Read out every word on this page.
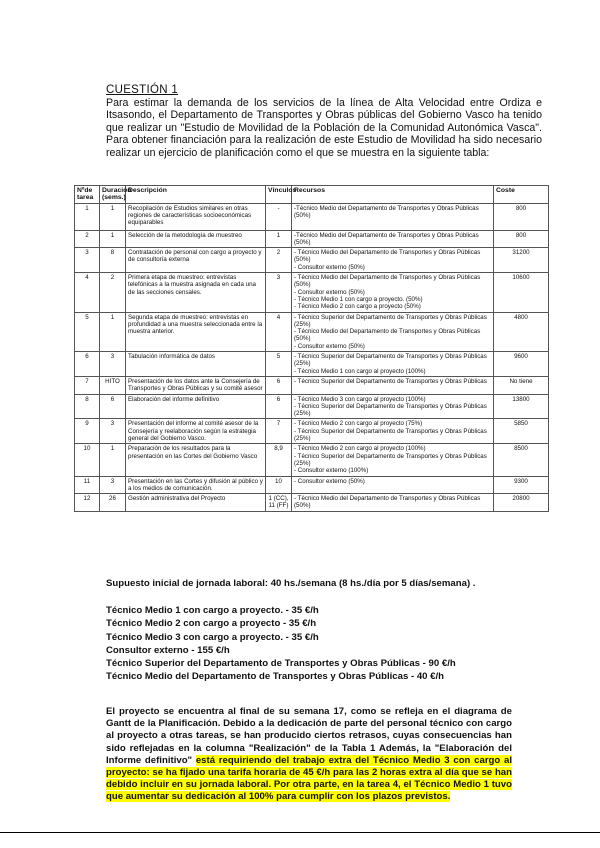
CUESTIÓN 1
Para estimar la demanda de los servicios de la línea de Alta Velocidad entre Ordiza e Itsasondo, el Departamento de Transportes y Obras públicas del Gobierno Vasco ha tenido que realizar un "Estudio de Movilidad de la Población de la Comunidad Autonómica Vasca". Para obtener financiación para la realización de este Estudio de Movilidad ha sido necesario realizar un ejercicio de planificación como el que se muestra en la siguiente tabla:
Nºde tarea	Duración (sems.)	Descripción	Vínculos	Recursos	Coste
1	1	Recopilación de Estudios similares en otras regiones de características socioeconómicas equiparables	-	-Técnico Medio del Departamento de Transportes y Obras Públicas (50%)	800
2	1	Selección de la metodología de muestreo	1	-Técnico Medio del Departamento de Transportes y Obras Públicas (50%)	800
3	8	Contratación de personal con cargo a proyecto y de consultoría externa	2	- Técnico Medio del Departamento de Transportes y Obras Públicas (50%)
- Consultor externo (50%)	31200
4	2	Primera etapa de muestreo: entrevistas telefónicas a la muestra asignada en cada una de las secciones censales.	3	- Técnico Medio del Departamento de Transportes y Obras Públicas (50%)
- Consultor externo (50%)
- Técnico Medio 1 con cargo a proyecto. (50%)
- Técnico Medio 2 con cargo a proyecto (50%)	10600
5	1	Segunda etapa de muestreo: entrevistas en profundidad a una muestra seleccionada entre la muestra anterior.	4	- Técnico Superior del Departamento de Transportes y Obras Públicas (25%)
- Técnico Medio del Departamento de Transportes y Obras Públicas (50%)
- Consultor externo (50%)	4800
6	3	Tabulación informática de datos	5	- Técnico Superior del Departamento de Transportes y Obras Públicas (25%)
- Técnico Medio 1 con cargo al proyecto (100%)	9600
7	HITO	Presentación de los datos ante la Consejería de Transportes y Obras Públicas y su comité asesor	6	- Técnico Superior del Departamento de Transportes y Obras Públicas	No tiene
8	6	Elaboración del informe definitivo	6	- Técnico Medio 3 con cargo al proyecto (100%)
- Técnico Superior del Departamento de Transportes y Obras Públicas (25%)	13800
9	3	Presentación del informe al comité asesor de la Consejería y reelaboración según la estrategia general del Gobierno Vasco.	7	- Técnico Medio 2 con cargo al proyecto (75%)
- Técnico Superior del Departamento de Transportes y Obras Públicas (25%)	5850
10	1	Preparación de los resultados para la presentación en las Cortes del Gobierno Vasco	8,9	- Técnico Medio 2 con cargo al proyecto (100%)
- Técnico Superior del Departamento de Transportes y Obras Públicas (25%)
- Consultor externo (100%)	8500
11	3	Presentación en las Cortes y difusión al público y a los medios de comunicación.	10	- Consultor externo (50%)	9300
12	26	Gestión administrativa del Proyecto	1 (CC), 11 (FF)	- Técnico Medio del Departamento de Transportes y Obras Públicas (50%)	20800
Supuesto inicial de jornada laboral: 40 hs./semana (8 hs./día por 5 días/semana) .
Técnico Medio 1 con cargo a proyecto. - 35 €/h
Técnico Medio 2 con cargo a proyecto - 35 €/h
Técnico Medio 3 con cargo a proyecto. - 35 €/h
Consultor externo - 155 €/h
Técnico Superior del Departamento de Transportes y Obras Públicas - 90 €/h
Técnico Medio del Departamento de Transportes y Obras Públicas - 40 €/h
El proyecto se encuentra al final de su semana 17, como se refleja en el diagrama de Gantt de la Planificación. Debido a la dedicación de parte del personal técnico con cargo al proyecto a otras tareas, se han producido ciertos retrasos, cuyas consecuencias han sido reflejadas en la columna "Realización" de la Tabla 1 Además, la "Elaboración del Informe definitivo" está requiriendo del trabajo extra del Técnico Medio 3 con cargo al proyecto: se ha fijado una tarifa horaria de 45 €/h para las 2 horas extra al día que se han debido incluir en su jornada laboral. Por otra parte, en la tarea 4, el Técnico Medio 1 tuvo que aumentar su dedicación al 100% para cumplir con los plazos previstos.
